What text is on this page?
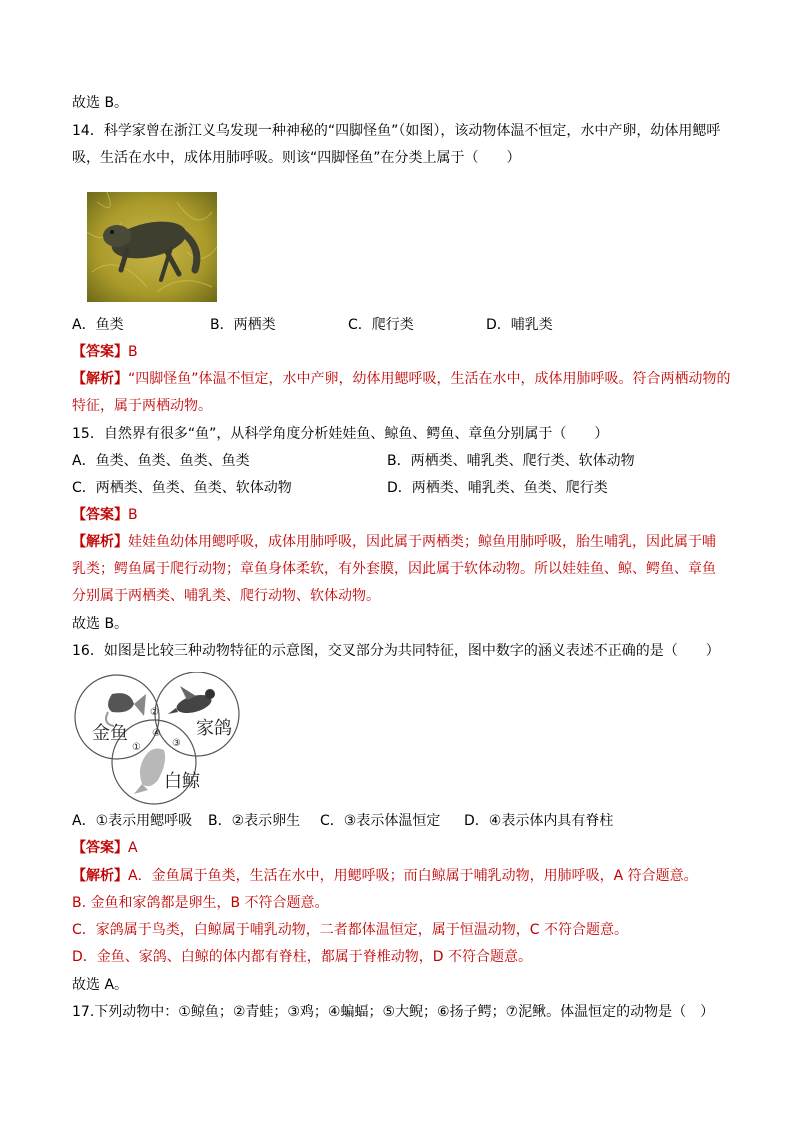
故选 B。
14．科学家曾在浙江义乌发现一种神秘的“四脚怪鱼”（如图），该动物体温不恒定，水中产卵，幼体用鳃呼
吸，生活在水中，成体用肺呼吸。则该“四脚怪鱼”在分类上属于（　　）
A．鱼类	B．两栖类	C．爬行类	D．哺乳类
【答案】B
【解析】“四脚怪鱼”体温不恒定，水中产卵，幼体用鳃呼吸，生活在水中，成体用肺呼吸。符合两栖动物的
特征，属于两栖动物。
15．自然界有很多“鱼”，从科学角度分析娃娃鱼、鲸鱼、鳄鱼、章鱼分别属于（　　）
A．鱼类、鱼类、鱼类、鱼类	B．两栖类、哺乳类、爬行类、软体动物
C．两栖类、鱼类、鱼类、软体动物	D．两栖类、哺乳类、鱼类、爬行类
【答案】B
【解析】娃娃鱼幼体用鳃呼吸，成体用肺呼吸，因此属于两栖类；鲸鱼用肺呼吸，胎生哺乳，因此属于哺
乳类；鳄鱼属于爬行动物；章鱼身体柔软，有外套膜，因此属于软体动物。所以娃娃鱼、鲸、鳄鱼、章鱼
分别属于两栖类、哺乳类、爬行动物、软体动物。
故选 B。
16．如图是比较三种动物特征的示意图，交叉部分为共同特征，图中数字的涵义表述不正确的是（　　）
金鱼	家鸽
白鲸
①
②
③
④
A．①表示用鳃呼吸 B．②表示卵生 C．③表示体温恒定 D．④表示体内具有脊柱
【答案】A
【解析】A．金鱼属于鱼类，生活在水中，用鳃呼吸；而白鲸属于哺乳动物，用肺呼吸，A 符合题意。
B. 金鱼和家鸽都是卵生，B 不符合题意。
C．家鸽属于鸟类，白鲸属于哺乳动物，二者都体温恒定，属于恒温动物，C 不符合题意。
D．金鱼、家鸽、白鲸的体内都有脊柱，都属于脊椎动物，D 不符合题意。
故选 A。
17.下列动物中：①鲸鱼；②青蛙；③鸡；④蝙蝠；⑤大鲵；⑥扬子鳄；⑦泥鳅。体温恒定的动物是（　）
